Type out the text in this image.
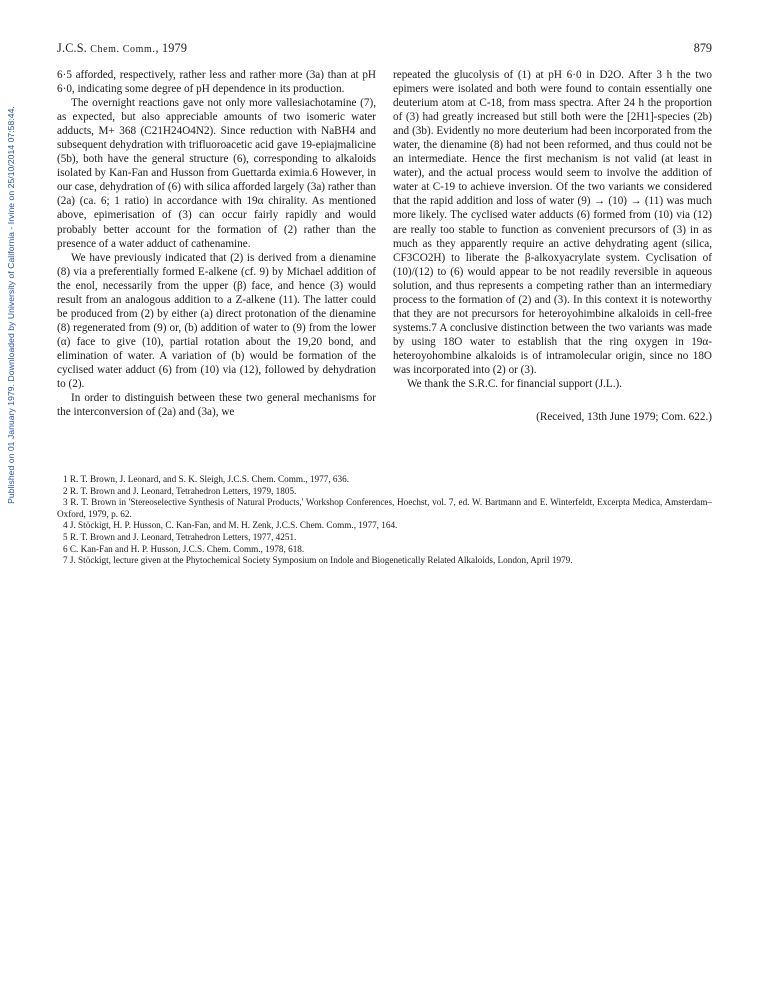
Published on 01 January 1979. Downloaded by University of California - Irvine on 25/10/2014 07:58:44.
J.C.S. Chem. Comm., 1979	879

6·5 afforded, respectively, rather less and rather more (3a) than at pH 6·0, indicating some degree of pH dependence in its production.

The overnight reactions gave not only more vallesiachotamine (7), as expected, but also appreciable amounts of two isomeric water adducts, M+ 368 (C21H24O4N2). Since reduction with NaBH4 and subsequent dehydration with trifluoroacetic acid gave 19-epiajmalicine (5b), both have the general structure (6), corresponding to alkaloids isolated by Kan-Fan and Husson from Guettarda eximia.6 However, in our case, dehydration of (6) with silica afforded largely (3a) rather than (2a) (ca. 6; 1 ratio) in accordance with 19α chirality. As mentioned above, epimerisation of (3) can occur fairly rapidly and would probably better account for the formation of (2) rather than the presence of a water adduct of cathenamine.

We have previously indicated that (2) is derived from a dienamine (8) via a preferentially formed E-alkene (cf. 9) by Michael addition of the enol, necessarily from the upper (β) face, and hence (3) would result from an analogous addition to a Z-alkene (11). The latter could be produced from (2) by either (a) direct protonation of the dienamine (8) regenerated from (9) or, (b) addition of water to (9) from the lower (α) face to give (10), partial rotation about the 19,20 bond, and elimination of water. A variation of (b) would be formation of the cyclised water adduct (6) from (10) via (12), followed by dehydration to (2).

In order to distinguish between these two general mechanisms for the interconversion of (2a) and (3a), we

repeated the glucolysis of (1) at pH 6·0 in D2O. After 3 h the two epimers were isolated and both were found to contain essentially one deuterium atom at C-18, from mass spectra. After 24 h the proportion of (3) had greatly increased but still both were the [2H1]-species (2b) and (3b). Evidently no more deuterium had been incorporated from the water, the dienamine (8) had not been reformed, and thus could not be an intermediate. Hence the first mechanism is not valid (at least in water), and the actual process would seem to involve the addition of water at C-19 to achieve inversion. Of the two variants we considered that the rapid addition and loss of water (9) → (10) → (11) was much more likely. The cyclised water adducts (6) formed from (10) via (12) are really too stable to function as convenient precursors of (3) in as much as they apparently require an active dehydrating agent (silica, CF3CO2H) to liberate the β-alkoxyacrylate system. Cyclisation of (10)/(12) to (6) would appear to be not readily reversible in aqueous solution, and thus represents a competing rather than an intermediary process to the formation of (2) and (3). In this context it is noteworthy that they are not precursors for heteroyohimbine alkaloids in cell-free systems.7 A conclusive distinction between the two variants was made by using 18O water to establish that the ring oxygen in 19α-heteroyohombine alkaloids is of intramolecular origin, since no 18O was incorporated into (2) or (3).

We thank the S.R.C. for financial support (J.L.).

(Received, 13th June 1979; Com. 622.)

1 R. T. Brown, J. Leonard, and S. K. Sleigh, J.C.S. Chem. Comm., 1977, 636.

2 R. T. Brown and J. Leonard, Tetrahedron Letters, 1979, 1805.

3 R. T. Brown in 'Stereoselective Synthesis of Natural Products,' Workshop Conferences, Hoechst, vol. 7, ed. W. Bartmann and E. Winterfeldt, Excerpta Medica, Amsterdam–Oxford, 1979, p. 62.

4 J. Stöckigt, H. P. Husson, C. Kan-Fan, and M. H. Zenk, J.C.S. Chem. Comm., 1977, 164.

5 R. T. Brown and J. Leonard, Tetrahedron Letters, 1977, 4251.

6 C. Kan-Fan and H. P. Husson, J.C.S. Chem. Comm., 1978, 618.

7 J. Stöckigt, lecture given at the Phytochemical Society Symposium on Indole and Biogenetically Related Alkaloids, London, April 1979.
